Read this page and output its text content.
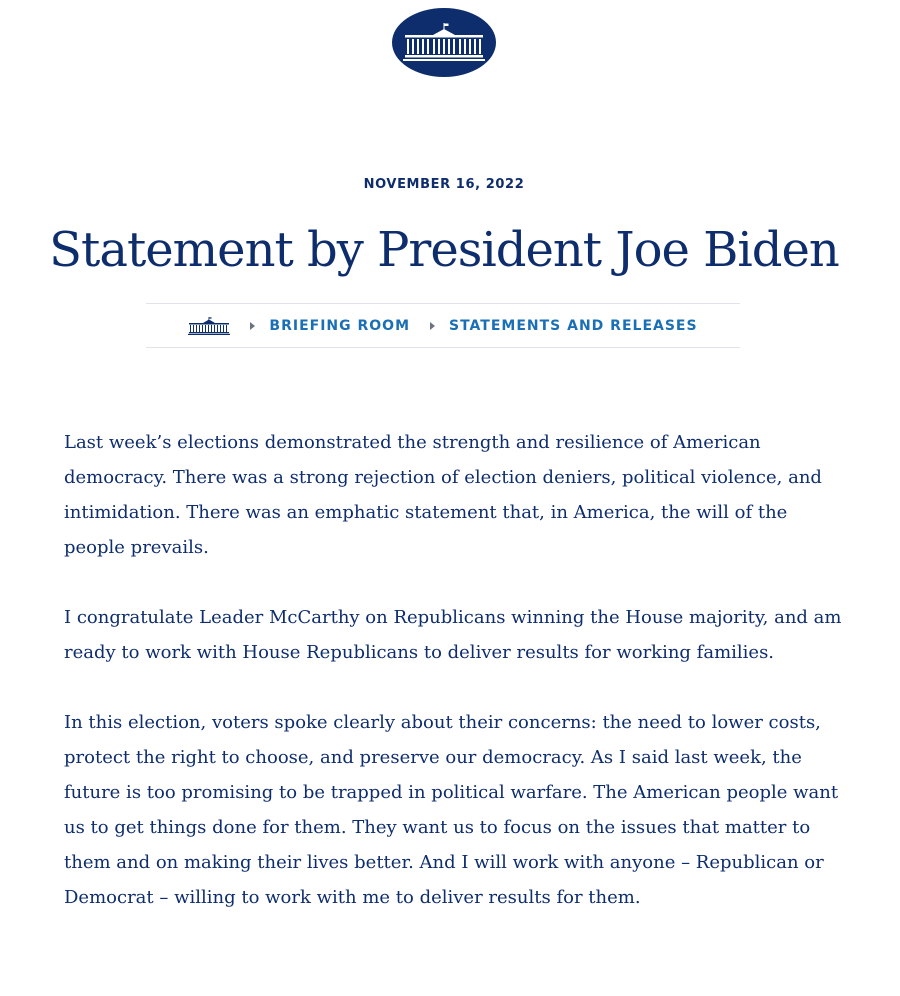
NOVEMBER 16, 2022
Statement by President Joe Biden
BRIEFING ROOM	STATEMENTS AND RELEASES

Last week’s elections demonstrated the strength and resilience of American democracy. There was a strong rejection of election deniers, political violence, and intimidation. There was an emphatic statement that, in America, the will of the people prevails.

I congratulate Leader McCarthy on Republicans winning the House majority, and am ready to work with House Republicans to deliver results for working families.

In this election, voters spoke clearly about their concerns: the need to lower costs, protect the right to choose, and preserve our democracy. As I said last week, the future is too promising to be trapped in political warfare. The American people want us to get things done for them. They want us to focus on the issues that matter to them and on making their lives better. And I will work with anyone – Republican or Democrat – willing to work with me to deliver results for them.
